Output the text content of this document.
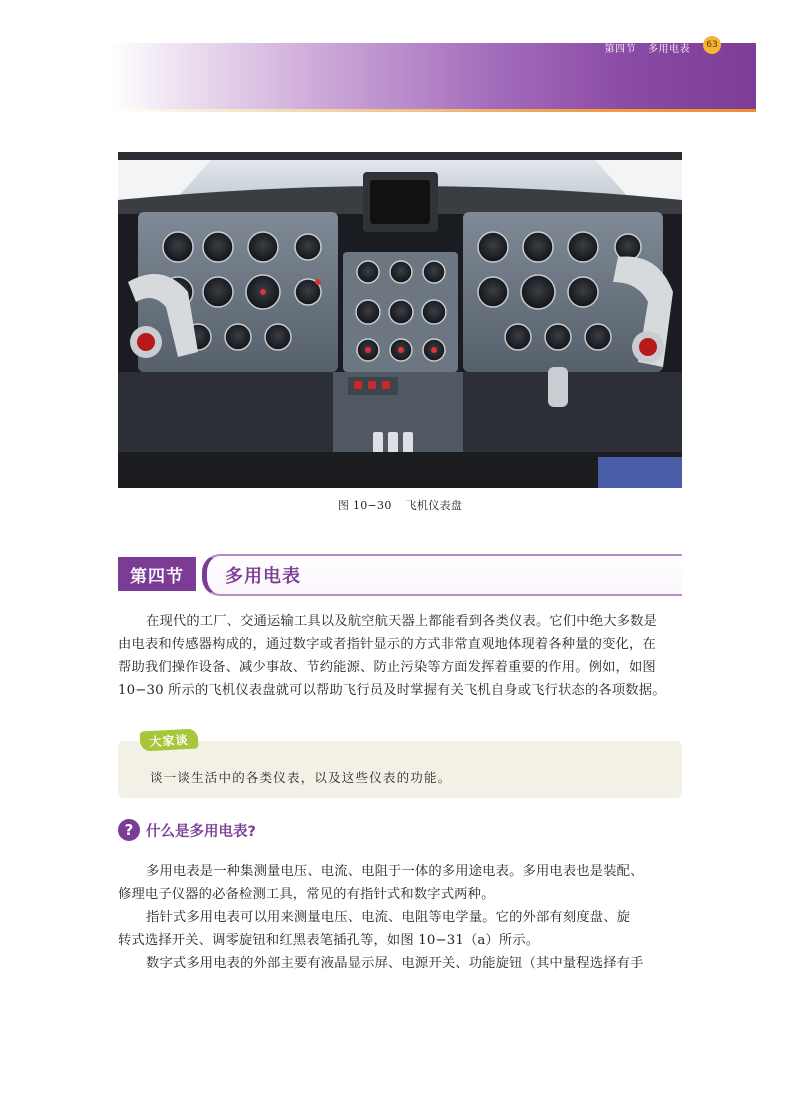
第四节 多用电表	63
图 10−30 飞机仪表盘
第四节	多用电表
在现代的工厂、交通运输工具以及航空航天器上都能看到各类仪表。它们中绝大多数是
由电表和传感器构成的，通过数字或者指针显示的方式非常直观地体现着各种量的变化，在
帮助我们操作设备、减少事故、节约能源、防止污染等方面发挥着重要的作用。例如，如图
10−30 所示的飞机仪表盘就可以帮助飞行员及时掌握有关飞机自身或飞行状态的各项数据。
大家谈
谈一谈生活中的各类仪表，以及这些仪表的功能。
? 什么是多用电表?
多用电表是一种集测量电压、电流、电阻于一体的多用途电表。多用电表也是装配、
修理电子仪器的必备检测工具，常见的有指针式和数字式两种。
指针式多用电表可以用来测量电压、电流、电阻等电学量。它的外部有刻度盘、旋
转式选择开关、调零旋钮和红黑表笔插孔等，如图 10−31（a）所示。
数字式多用电表的外部主要有液晶显示屏、电源开关、功能旋钮（其中量程选择有手
